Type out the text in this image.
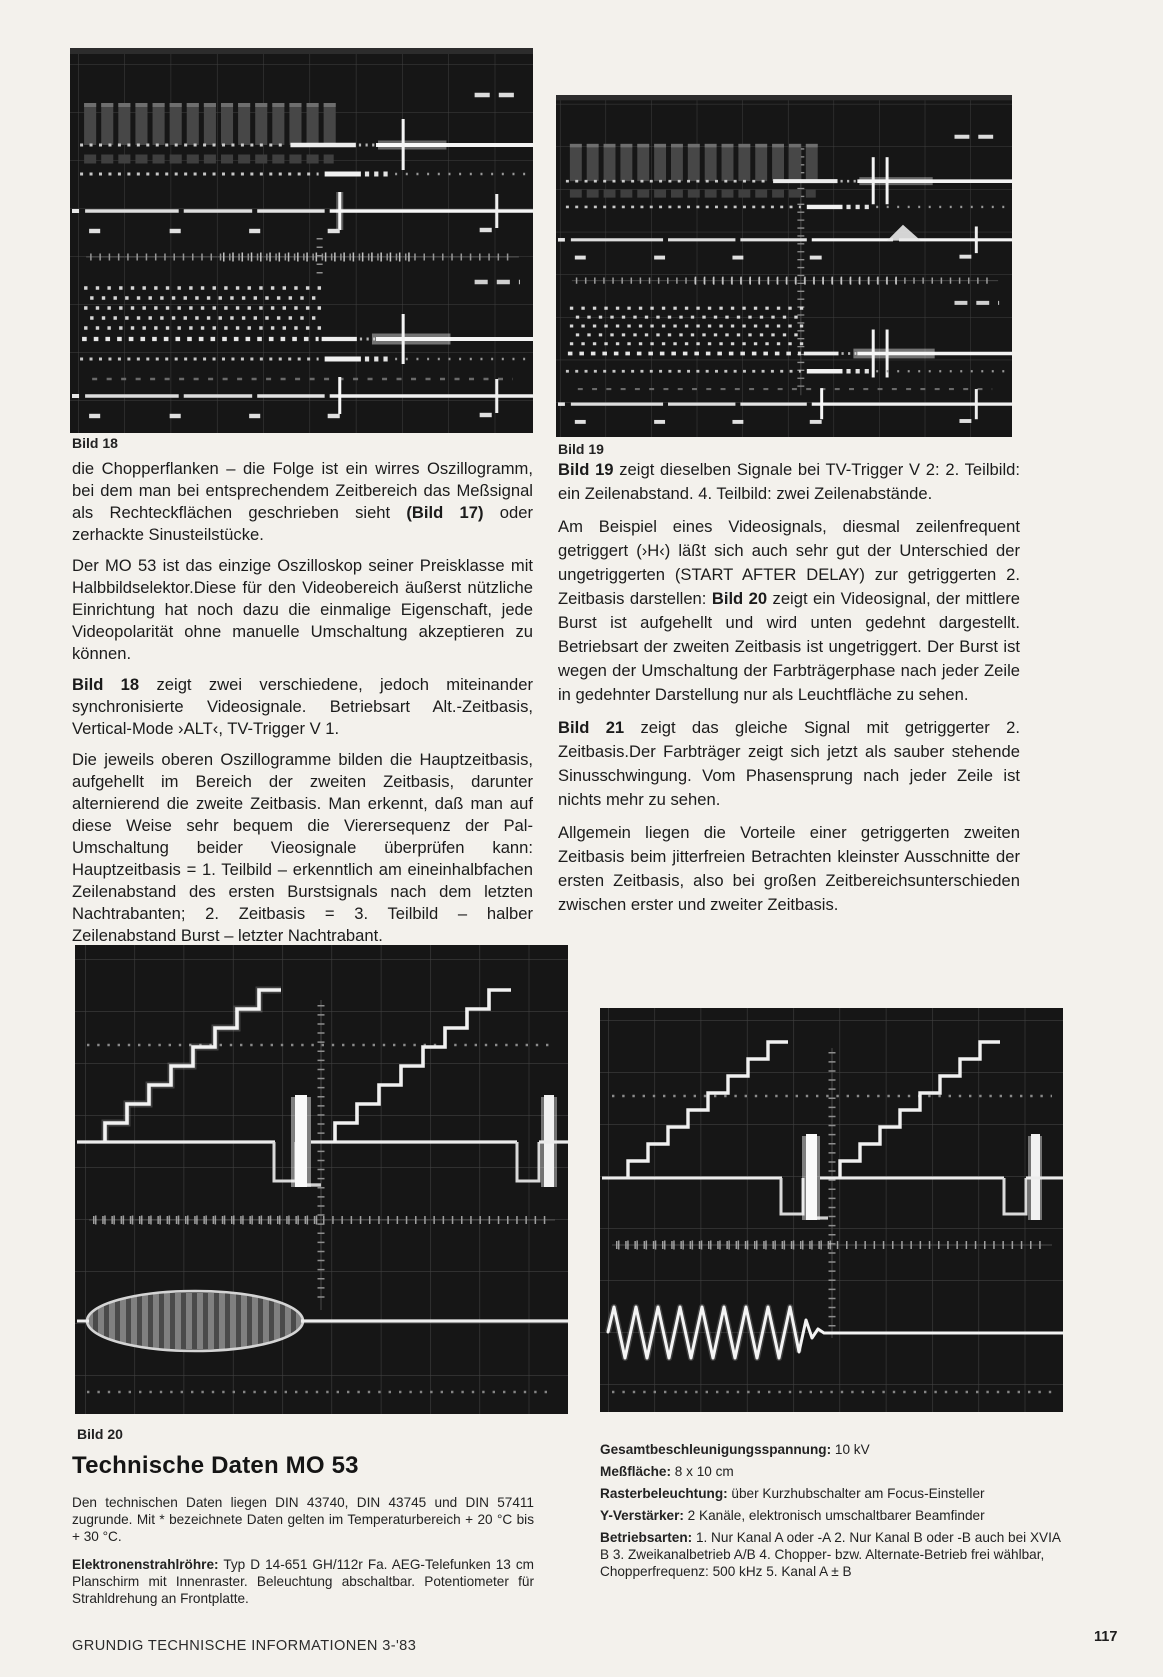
Bild 18	Bild 19

die Chopperflanken – die Folge ist ein wirres Oszillogramm, bei dem man bei entsprechendem Zeitbereich das Meßsignal als Rechteckflächen geschrieben sieht (Bild 17) oder zerhackte Sinusteilstücke.

Der MO 53 ist das einzige Oszilloskop seiner Preisklasse mit Halbbildselektor.Diese für den Videobereich äußerst nützliche Einrichtung hat noch dazu die einmalige Eigenschaft, jede Videopolarität ohne manuelle Umschaltung akzeptieren zu können.

Bild 18 zeigt zwei verschiedene, jedoch miteinander synchronisierte Videosignale. Betriebsart Alt.-Zeitbasis, Vertical-Mode ›ALT‹, TV-Trigger V 1.

Die jeweils oberen Oszillogramme bilden die Hauptzeitbasis, aufgehellt im Bereich der zweiten Zeitbasis, darunter alternierend die zweite Zeitbasis. Man erkennt, daß man auf diese Weise sehr bequem die Vierersequenz der Pal-Umschaltung beider Vieosignale überprüfen kann: Hauptzeitbasis = 1. Teilbild – erkenntlich am eineinhalbfachen Zeilenabstand des ersten Burstsignals nach dem letzten Nachtrabanten; 2. Zeitbasis = 3. Teilbild – halber Zeilenabstand Burst – letzter Nachtrabant.

Bild 19 zeigt dieselben Signale bei TV-Trigger V 2: 2. Teilbild: ein Zeilenabstand. 4. Teilbild: zwei Zeilenabstände.

Am Beispiel eines Videosignals, diesmal zeilenfrequent getriggert (›H‹) läßt sich auch sehr gut der Unterschied der ungetriggerten (START AFTER DELAY) zur getriggerten 2. Zeitbasis darstellen: Bild 20 zeigt ein Videosignal, der mittlere Burst ist aufgehellt und wird unten gedehnt dargestellt. Betriebsart der zweiten Zeitbasis ist ungetriggert. Der Burst ist wegen der Umschaltung der Farbträgerphase nach jeder Zeile in gedehnter Darstellung nur als Leuchtfläche zu sehen.

Bild 21 zeigt das gleiche Signal mit getriggerter 2. Zeitbasis.Der Farbträger zeigt sich jetzt als sauber stehende Sinusschwingung. Vom Phasensprung nach jeder Zeile ist nichts mehr zu sehen.

Allgemein liegen die Vorteile einer getriggerten zweiten Zeitbasis beim jitterfreien Betrachten kleinster Ausschnitte der ersten Zeitbasis, also bei großen Zeitbereichsunterschieden zwischen erster und zweiter Zeitbasis.

Bild 20
Technische Daten MO 53

Den technischen Daten liegen DIN 43740, DIN 43745 und DIN 57411 zugrunde. Mit * bezeichnete Daten gelten im Temperaturbereich + 20 °C bis + 30 °C.

Elektronenstrahlröhre: Typ D 14-651 GH/112r Fa. AEG-Telefunken 13 cm Planschirm mit Innenraster. Beleuchtung abschaltbar. Potentiometer für Strahldrehung an Frontplatte.

Gesamtbeschleunigungsspannung: 10 kV

Meßfläche: 8 x 10 cm

Rasterbeleuchtung: über Kurzhubschalter am Focus-Einsteller

Y-Verstärker: 2 Kanäle, elektronisch umschaltbarer Beamfinder

Betriebsarten: 1. Nur Kanal A oder -A 2. Nur Kanal B oder -B auch bei XVIA B 3. Zweikanalbetrieb A/B 4. Chopper- bzw. Alternate-Betrieb frei wählbar, Chopperfrequenz: 500 kHz 5. Kanal A ± B

GRUNDIG TECHNISCHE INFORMATIONEN 3-'83
117
